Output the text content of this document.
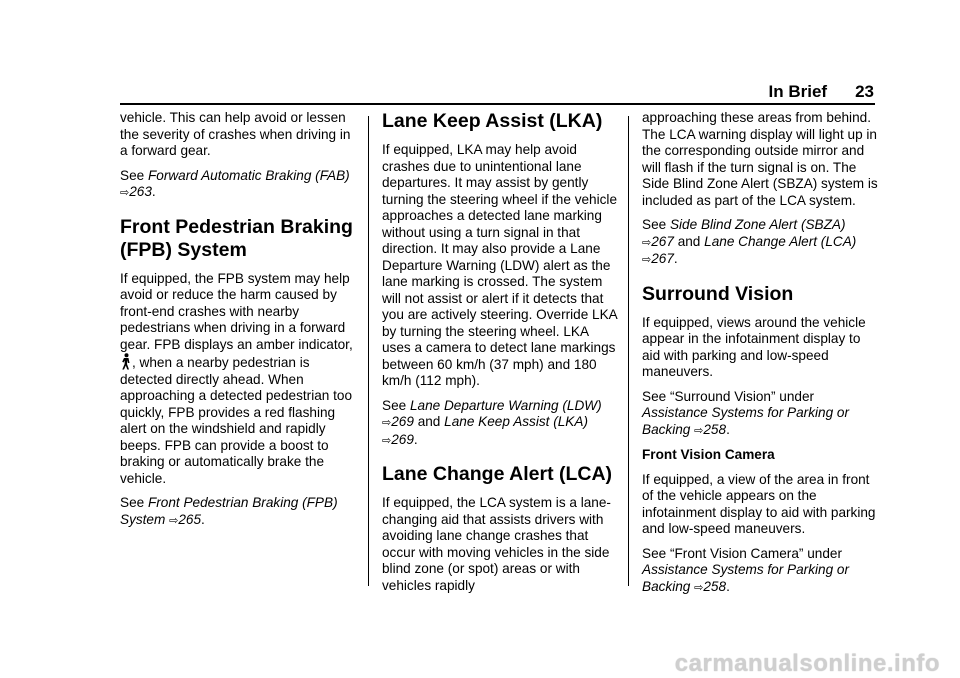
In Brief 23

vehicle. This can help avoid or lessen the severity of crashes when driving in a forward gear.

See Forward Automatic Braking (FAB) ⇨263.

Front Pedestrian Braking (FPB) System

If equipped, the FPB system may help avoid or reduce the harm caused by front-end crashes with nearby pedestrians when driving in a forward gear. FPB displays an amber indicator,, when a nearby pedestrian is detected directly ahead. When approaching a detected pedestrian too quickly, FPB provides a red flashing alert on the windshield and rapidly beeps. FPB can provide a boost to braking or automatically brake the vehicle.

See Front Pedestrian Braking (FPB) System ⇨265.

Lane Keep Assist (LKA)

If equipped, LKA may help avoid crashes due to unintentional lane departures. It may assist by gently turning the steering wheel if the vehicle approaches a detected lane marking without using a turn signal in that direction. It may also provide a Lane Departure Warning (LDW) alert as the lane marking is crossed. The system will not assist or alert if it detects that you are actively steering. Override LKA by turning the steering wheel. LKA uses a camera to detect lane markings between 60 km/h (37 mph) and 180 km/h (112 mph).

See Lane Departure Warning (LDW) ⇨269 and Lane Keep Assist (LKA) ⇨269.

Lane Change Alert (LCA)

If equipped, the LCA system is a lane-changing aid that assists drivers with avoiding lane change crashes that occur with moving vehicles in the side blind zone (or spot) areas or with vehicles rapidly

approaching these areas from behind. The LCA warning display will light up in the corresponding outside mirror and will flash if the turn signal is on. The Side Blind Zone Alert (SBZA) system is included as part of the LCA system.

See Side Blind Zone Alert (SBZA) ⇨267 and Lane Change Alert (LCA) ⇨267.

Surround Vision

If equipped, views around the vehicle appear in the infotainment display to aid with parking and low-speed maneuvers.

See “Surround Vision” under Assistance Systems for Parking or Backing ⇨258.

Front Vision Camera

If equipped, a view of the area in front of the vehicle appears on the infotainment display to aid with parking and low-speed maneuvers.

See “Front Vision Camera” under Assistance Systems for Parking or Backing ⇨258.

carmanualsonline.info
